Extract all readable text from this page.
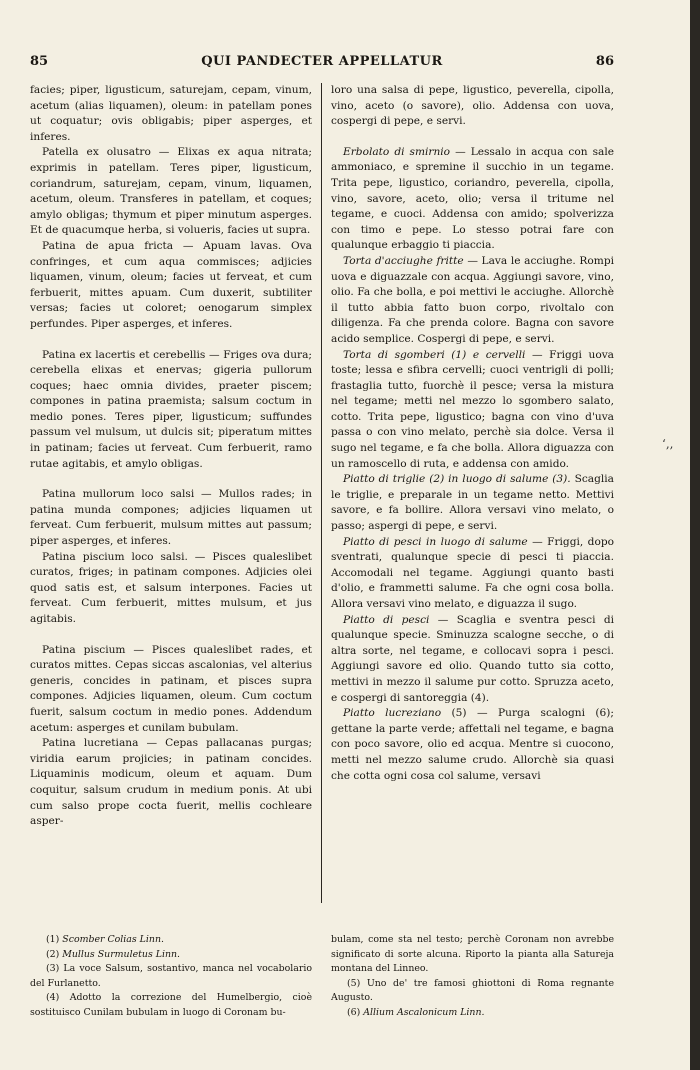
85	QUI PANDECTER APPELLATUR	86

facies; piper, ligusticum, saturejam, cepam, vinum, acetum (alias liquamen), oleum: in patellam pones ut coquatur; ovis obligabis; piper asperges, et inferes.

Patella ex olusatro — Elixas ex aqua nitrata; exprimis in patellam. Teres piper, ligusticum, coriandrum, saturejam, cepam, vinum, liquamen, acetum, oleum. Transferes in patellam, et coques; amylo obligas; thymum et piper minutum asperges. Et de quacumque herba, si volueris, facies ut supra.

Patina de apua fricta — Apuam lavas. Ova confringes, et cum aqua commisces; adjicies liquamen, vinum, oleum; facies ut ferveat, et cum ferbuerit, mittes apuam. Cum duxerit, subtiliter versas; facies ut coloret; oenogarum simplex perfundes. Piper asperges, et inferes.

Patina ex lacertis et cerebellis — Friges ova dura; cerebella elixas et enervas; gigeria pullorum coques; haec omnia divides, praeter piscem; compones in patina praemista; salsum coctum in medio pones. Teres piper, ligusticum; suffundes passum vel mulsum, ut dulcis sit; piperatum mittes in patinam; facies ut ferveat. Cum ferbuerit, ramo rutae agitabis, et amylo obligas.

Patina mullorum loco salsi — Mullos rades; in patina munda compones; adjicies liquamen ut ferveat. Cum ferbuerit, mulsum mittes aut passum; piper asperges, et inferes.

Patina piscium loco salsi. — Pisces qualeslibet curatos, friges; in patinam compones. Adjicies olei quod satis est, et salsum interpones. Facies ut ferveat. Cum ferbuerit, mittes mulsum, et jus agitabis.

Patina piscium — Pisces qualeslibet rades, et curatos mittes. Cepas siccas ascalonias, vel alterius generis, concides in patinam, et pisces supra compones. Adjicies liquamen, oleum. Cum coctum fuerit, salsum coctum in medio pones. Addendum acetum: asperges et cunilam bubulam.

Patina lucretiana — Cepas pallacanas purgas; viridia earum projicies; in patinam concides. Liquaminis modicum, oleum et aquam. Dum coquitur, salsum crudum in medium ponis. At ubi cum salso prope cocta fuerit, mellis cochleare asper-

loro una salsa di pepe, ligustico, peverella, cipolla, vino, aceto (o savore), olio. Addensa con uova, cospergi di pepe, e servi.

Erbolato di smirnio — Lessalo in acqua con sale ammoniaco, e spremine il succhio in un tegame. Trita pepe, ligustico, coriandro, peverella, cipolla, vino, savore, aceto, olio; versa il tritume nel tegame, e cuoci. Addensa con amido; spolverizza con timo e pepe. Lo stesso potrai fare con qualunque erbaggio ti piaccia.

Torta d'acciughe fritte — Lava le acciughe. Rompi uova e diguazzale con acqua. Aggiungi savore, vino, olio. Fa che bolla, e poi mettivi le acciughe. Allorchè il tutto abbia fatto buon corpo, rivoltalo con diligenza. Fa che prenda colore. Bagna con savore acido semplice. Cospergi di pepe, e servi.

Torta di sgomberi (1) e cervelli — Friggi uova toste; lessa e sfibra cervelli; cuoci ventrigli di polli; frastaglia tutto, fuorchè il pesce; versa la mistura nel tegame; metti nel mezzo lo sgombero salato, cotto. Trita pepe, ligustico; bagna con vino d'uva passa o con vino melato, perchè sia dolce. Versa il sugo nel tegame, e fa che bolla. Allora diguazza con un ramoscello di ruta, e addensa con amido.

Piatto di triglie (2) in luogo di salume (3). Scaglia le triglie, e preparale in un tegame netto. Mettivi savore, e fa bollire. Allora versavi vino melato, o passo; aspergi di pepe, e servi.

Piatto di pesci in luogo di salume — Friggi, dopo sventrati, qualunque specie di pesci ti piaccia. Accomodali nel tegame. Aggiungi quanto basti d'olio, e frammetti salume. Fa che ogni cosa bolla. Allora versavi vino melato, e diguazza il sugo.

Piatto di pesci — Scaglia e sventra pesci di qualunque specie. Sminuzza scalogne secche, o di altra sorte, nel tegame, e collocavi sopra i pesci. Aggiungi savore ed olio. Quando tutto sia cotto, mettivi in mezzo il salume pur cotto. Spruzza aceto, e cospergi di santoreggia (4).

Piatto lucreziano (5) — Purga scalogni (6); gettane la parte verde; affettali nel tegame, e bagna con poco savore, olio ed acqua. Mentre si cuocono, metti nel mezzo salume crudo. Allorchè sia quasi che cotta ogni cosa col salume, versavi

(1) Scomber Colias Linn.

(2) Mullus Surmuletus Linn.

(3) La voce Salsum, sostantivo, manca nel vocabolario del Furlanetto.

(4) Adotto la correzione del Humelbergio, cioè sostituisco Cunilam bubulam in luogo di Coronam bu-

bulam, come sta nel testo; perchè Coronam non avrebbe significato di sorte alcuna. Riporto la pianta alla Satureja montana del Linneo.

(5) Uno de' tre famosi ghiottoni di Roma regnante Augusto.

(6) Allium Ascalonicum Linn.

ʻ,,
